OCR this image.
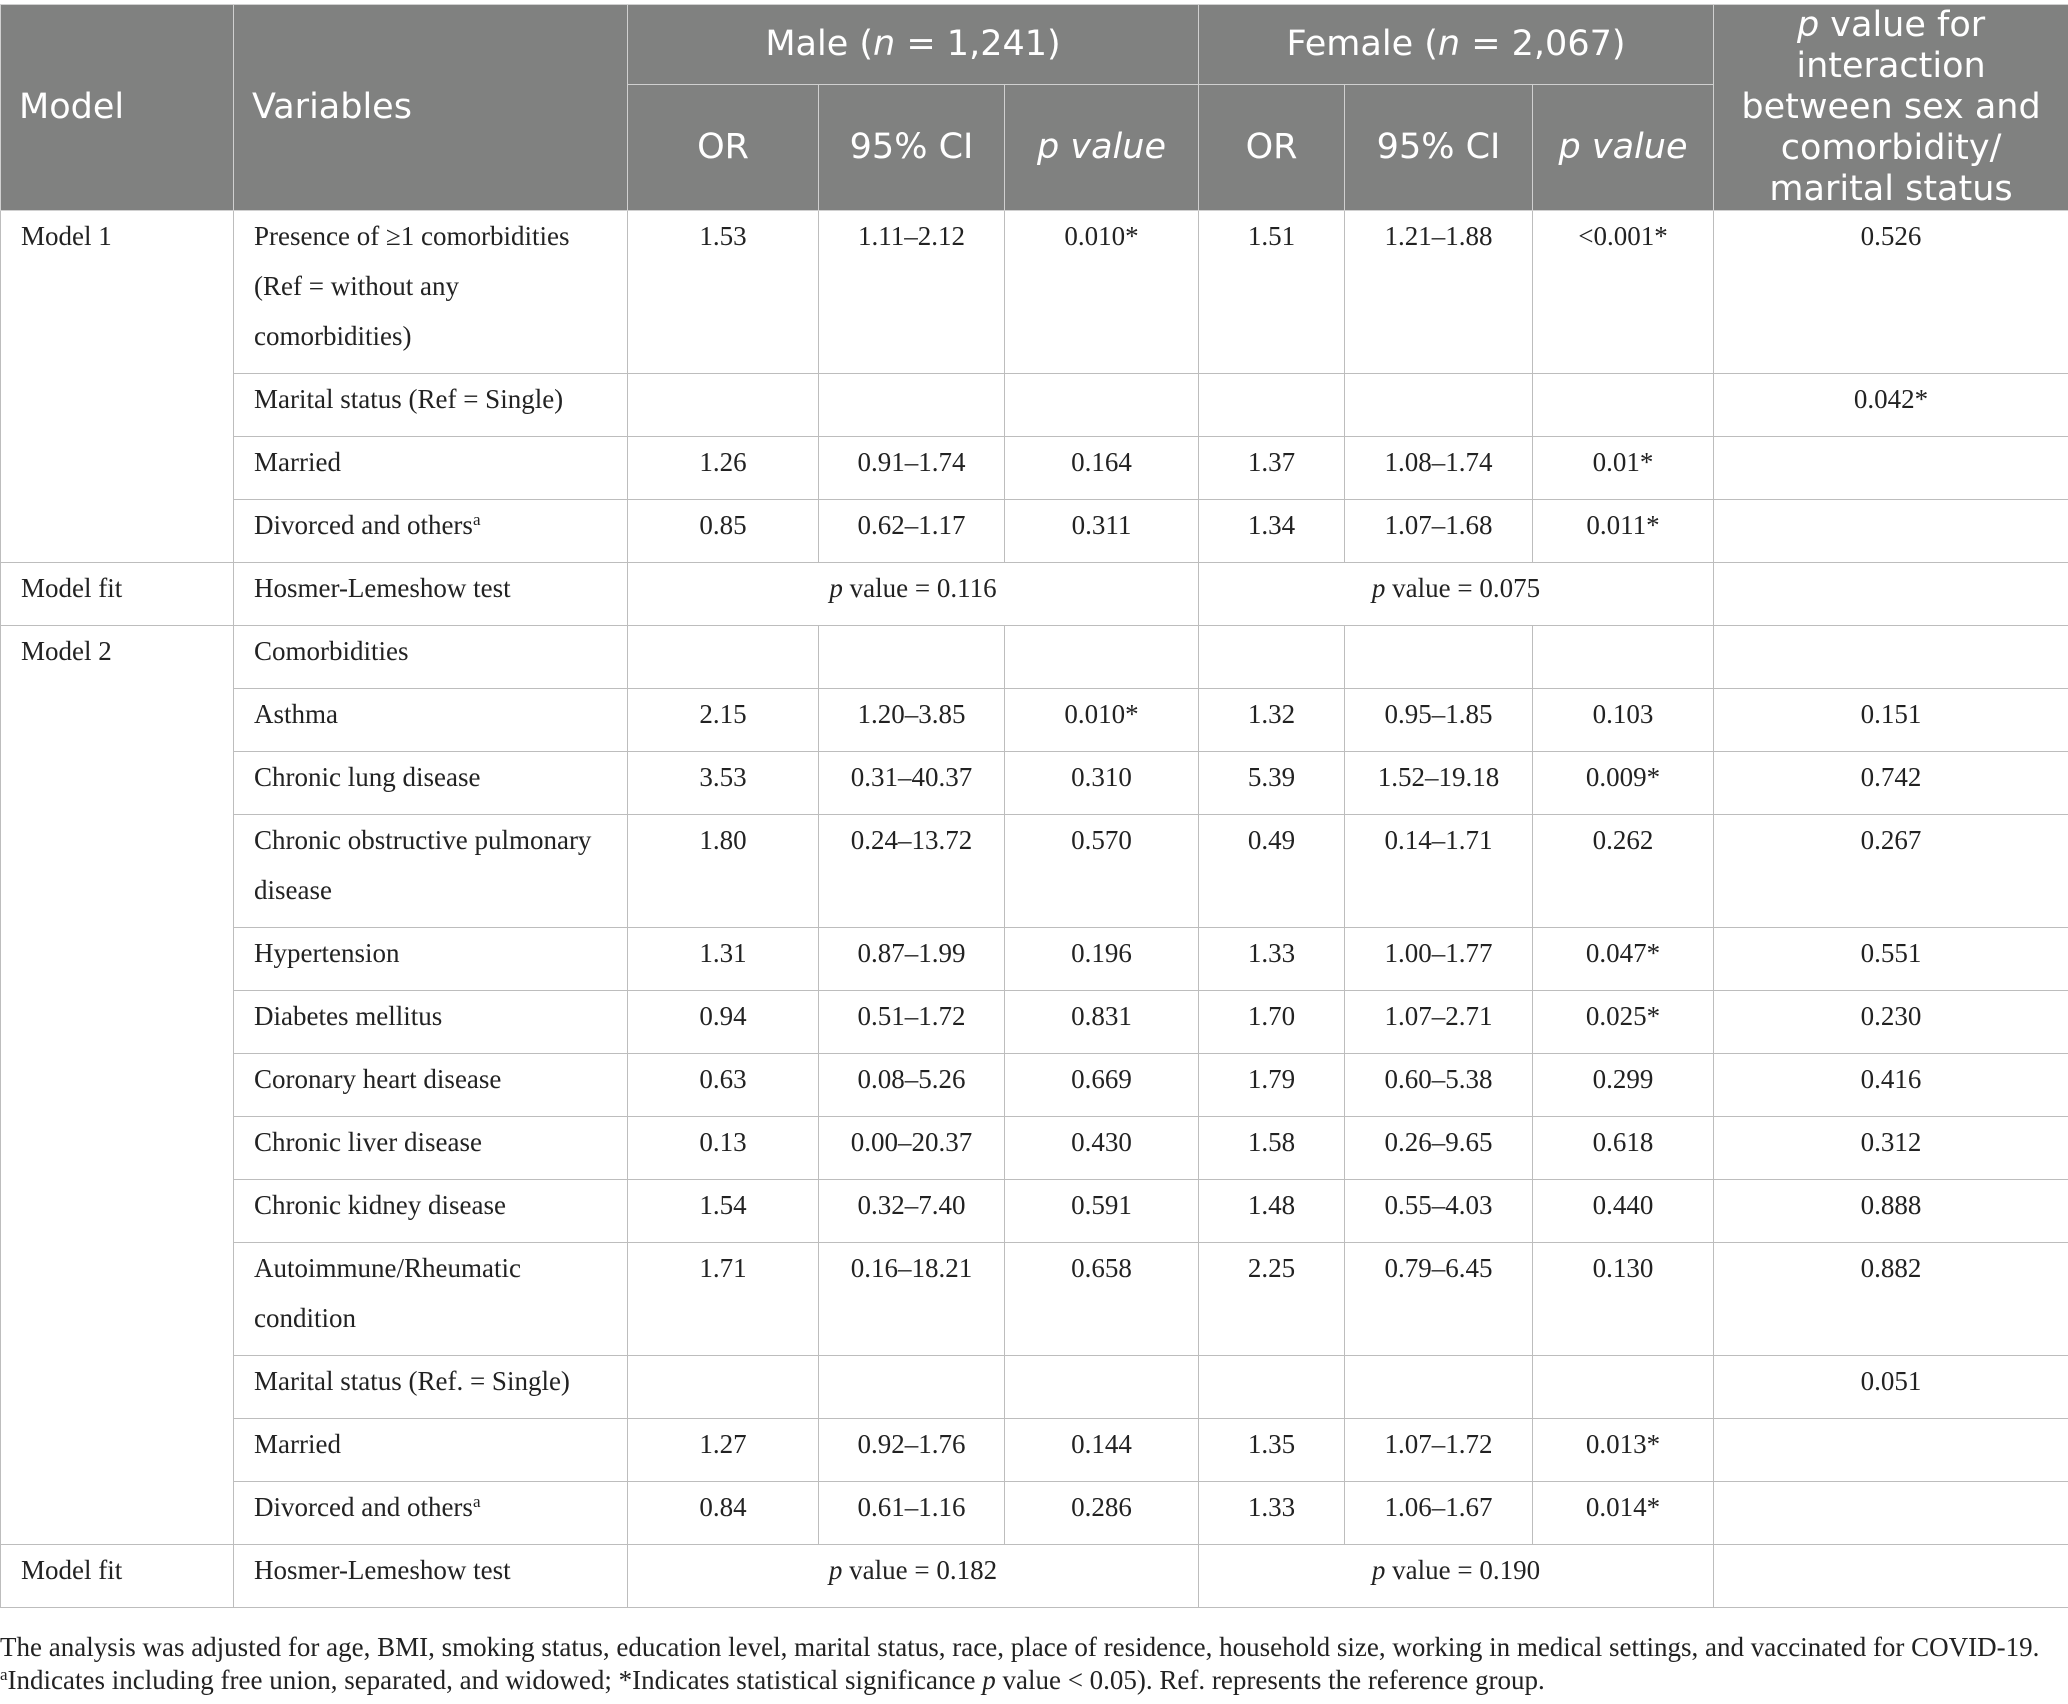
Model	Variables	Male (n = 1,241)			Female (n = 2,067)			p value for interaction between sex and comorbidity/ marital status
		OR	95% CI	p value	OR	95% CI	p value	
Model 1	Presence of ≥1 comorbidities (Ref = without any comorbidities)	1.53	1.11–2.12	0.010*	1.51	1.21–1.88	<0.001*	0.526
	Marital status (Ref = Single)							0.042*
	Married	1.26	0.91–1.74	0.164	1.37	1.08–1.74	0.01*	
	Divorced and others$^a$	0.85	0.62–1.17	0.311	1.34	1.07–1.68	0.011*	
Model fit	Hosmer-Lemeshow test	p value = 0.116			p value = 0.075			
Model 2	Comorbidities							
	Asthma	2.15	1.20–3.85	0.010*	1.32	0.95–1.85	0.103	0.151
	Chronic lung disease	3.53	0.31–40.37	0.310	5.39	1.52–19.18	0.009*	0.742
	Chronic obstructive pulmonary disease	1.80	0.24–13.72	0.570	0.49	0.14–1.71	0.262	0.267
	Hypertension	1.31	0.87–1.99	0.196	1.33	1.00–1.77	0.047*	0.551
	Diabetes mellitus	0.94	0.51–1.72	0.831	1.70	1.07–2.71	0.025*	0.230
	Coronary heart disease	0.63	0.08–5.26	0.669	1.79	0.60–5.38	0.299	0.416
	Chronic liver disease	0.13	0.00–20.37	0.430	1.58	0.26–9.65	0.618	0.312
	Chronic kidney disease	1.54	0.32–7.40	0.591	1.48	0.55–4.03	0.440	0.888
	Autoimmune/Rheumatic condition	1.71	0.16–18.21	0.658	2.25	0.79–6.45	0.130	0.882
	Marital status (Ref. = Single)							0.051
	Married	1.27	0.92–1.76	0.144	1.35	1.07–1.72	0.013*	
	Divorced and others$^a$	0.84	0.61–1.16	0.286	1.33	1.06–1.67	0.014*	
Model fit	Hosmer-Lemeshow test	p value = 0.182			p value = 0.190			
The analysis was adjusted for age, BMI, smoking status, education level, marital status, race, place of residence, household size, working in medical settings, and vaccinated for COVID-19.
$^a$Indicates including free union, separated, and widowed; *Indicates statistical significance p value < 0.05). Ref. represents the reference group.
